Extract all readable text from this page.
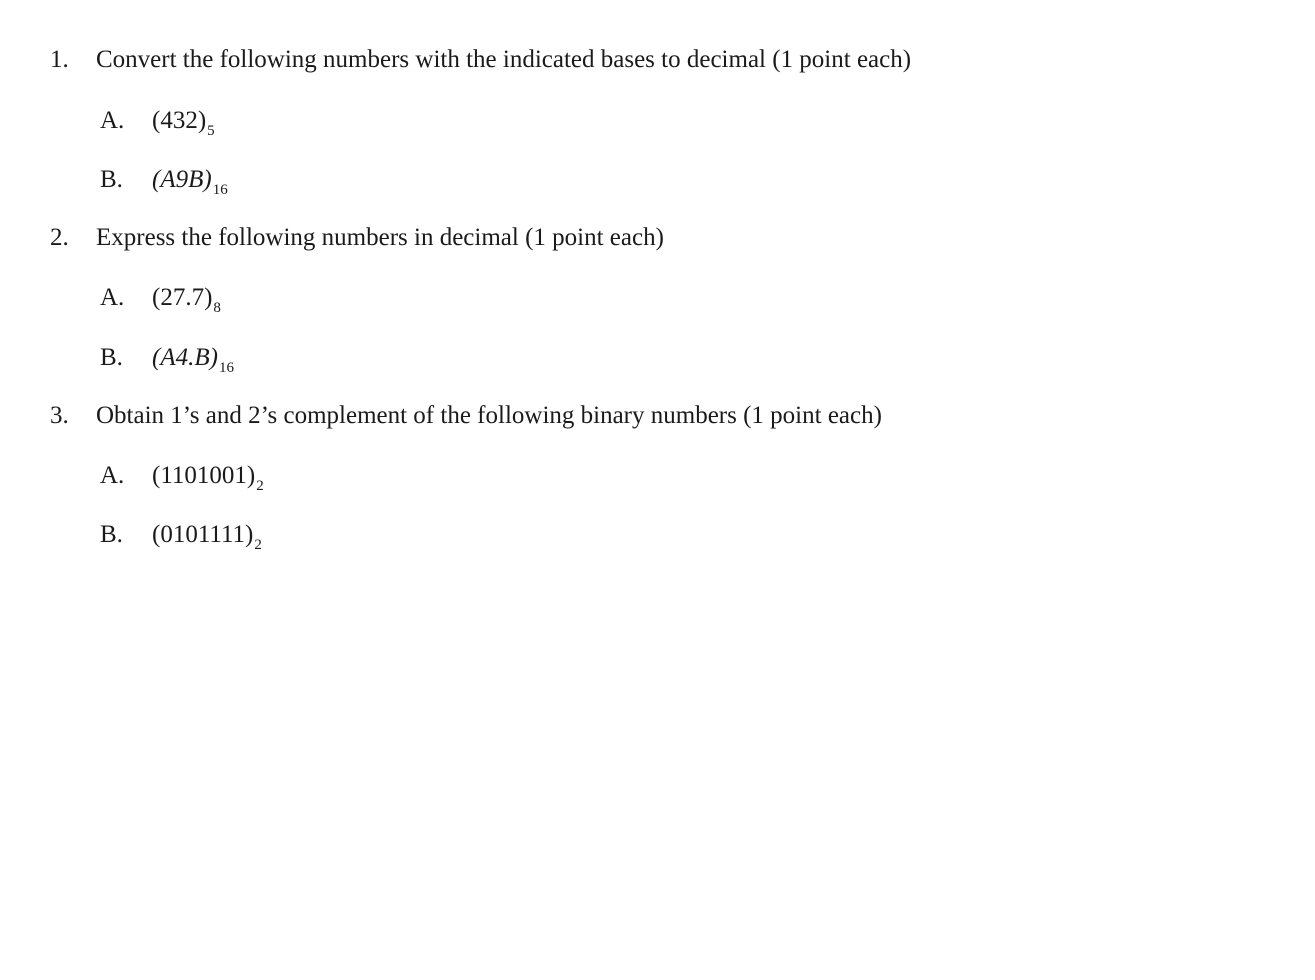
1. Convert the following numbers with the indicated bases to decimal (1 point each)
A. $(432)_5$
B. $(A9B)_{16}$
2. Express the following numbers in decimal (1 point each)
A. $(27.7)_8$
B. $(A4.B)_{16}$
3. Obtain 1’s and 2’s complement of the following binary numbers (1 point each)
A. $(1101001)_2$
B. $(0101111)_2$
